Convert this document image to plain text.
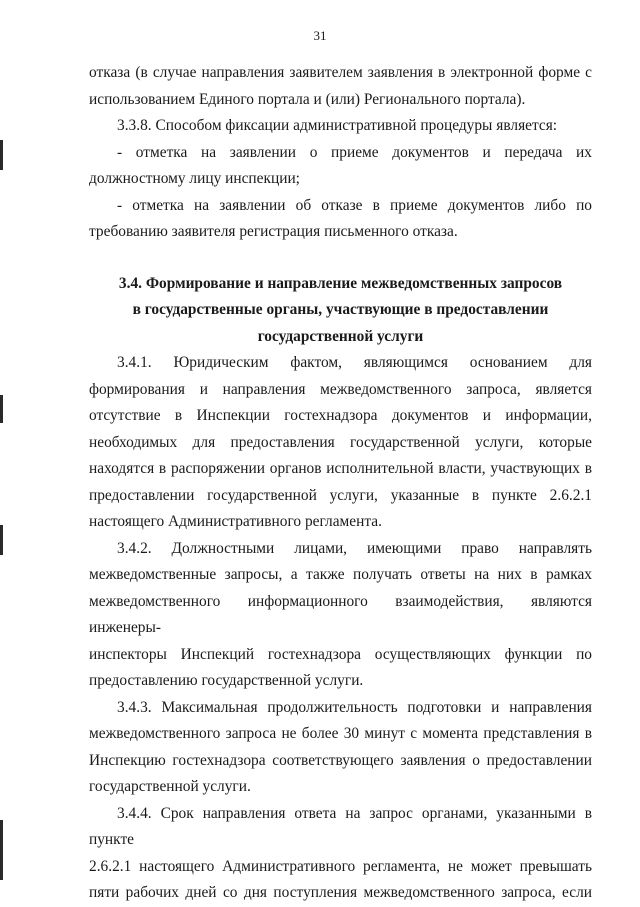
31
отказа (в случае направления заявителем заявления в электронной форме с
использованием Единого портала и (или) Регионального портала).
3.3.8. Способом фиксации административной процедуры является:
- отметка на заявлении о приеме документов и передача их
должностному лицу инспекции;
- отметка на заявлении об отказе в приеме документов либо по
требованию заявителя регистрация письменного отказа.
3.4. Формирование и направление межведомственных запросов
в государственные органы, участвующие в предоставлении
государственной услуги
3.4.1. Юридическим фактом, являющимся основанием для
формирования и направления межведомственного запроса, является
отсутствие в Инспекции гостехнадзора документов и информации,
необходимых для предоставления государственной услуги, которые
находятся в распоряжении органов исполнительной власти, участвующих в
предоставлении государственной услуги, указанные в пункте 2.6.2.1
настоящего Административного регламента.
3.4.2. Должностными лицами, имеющими право направлять
межведомственные запросы, а также получать ответы на них в рамках
межведомственного информационного взаимодействия, являются инженеры-
инспекторы Инспекций гостехнадзора осуществляющих функции по
предоставлению государственной услуги.
3.4.3. Максимальная продолжительность подготовки и направления
межведомственного запроса не более 30 минут с момента представления в
Инспекцию гостехнадзора соответствующего заявления о предоставлении
государственной услуги.
3.4.4. Срок направления ответа на запрос органами, указанными в пункте
2.6.2.1 настоящего Административного регламента, не может превышать
пяти рабочих дней со дня поступления межведомственного запроса, если
